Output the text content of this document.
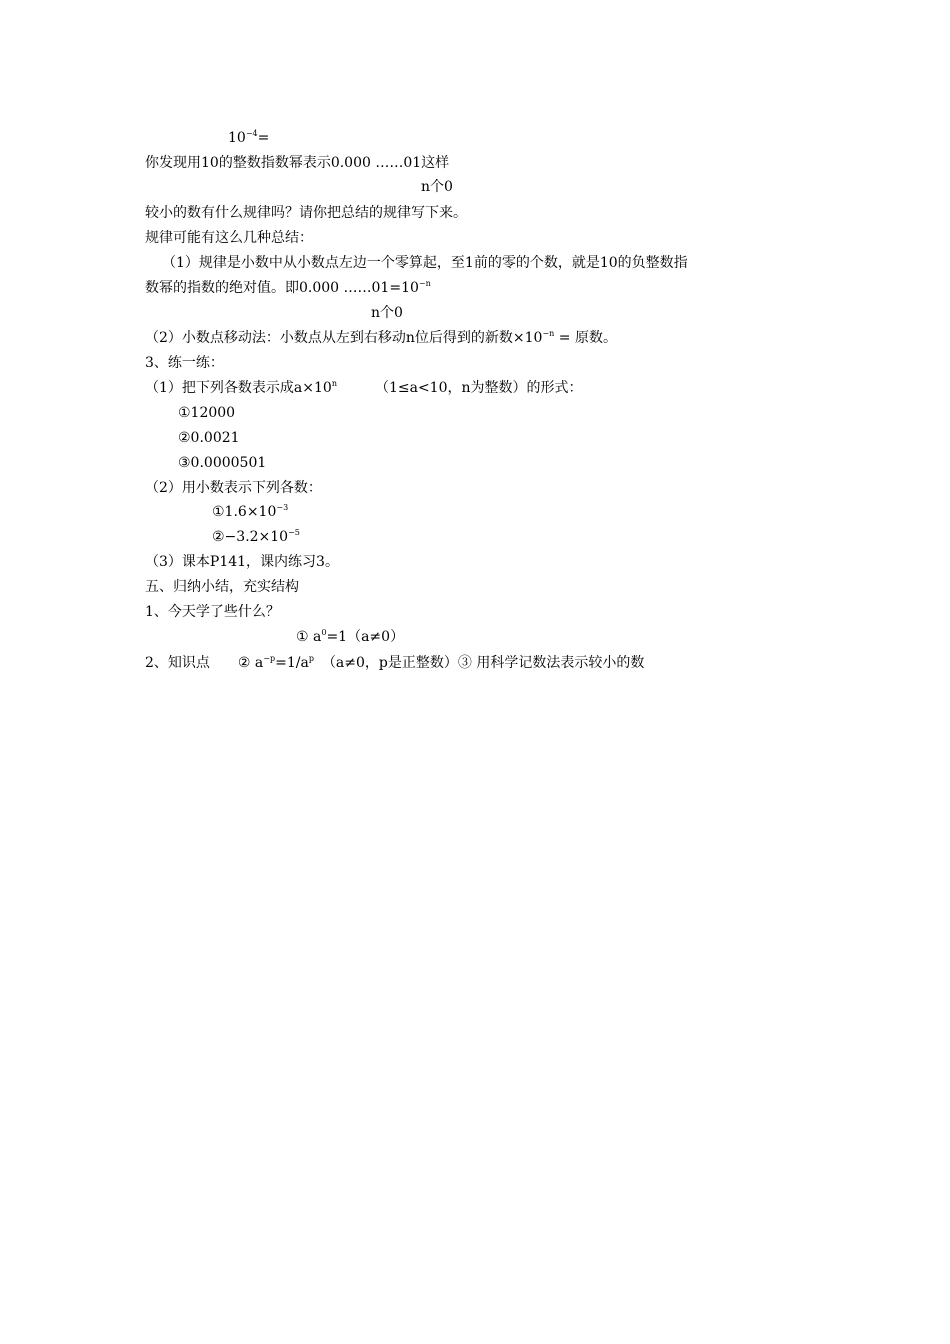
$10^{-4}=$
你发现用10的整数指数幂表示0.000 ……01这样
n个0
较小的数有什么规律吗？请你把总结的规律写下来。
规律可能有这么几种总结：
（1）规律是小数中从小数点左边一个零算起，至1前的零的个数，就是10的负整数指
数幂的指数的绝对值。即0.000 $\dots\dots 01=10^{-n}$
n个0
（2）小数点移动法：小数点从左到右移动n位后得到的新数$\times 10^{-n}$ = 原数。
3、练一练：
（1）把下列各数表示成$a\times 10^n$	（1≤a<10，n为整数）的形式：
①12000
②0.0021
③0.0000501
（2）用小数表示下列各数：
$①1.6\times 10^{-3}$
$②-3.2\times 10^{-5}$
（3）课本P141，课内练习3。
五、归纳小结，充实结构
1、今天学了些什么？
① $a^0=1(a\ne 0)$
2、知识点 ② $a^{-p}=1/a^p$ （a≠0，p是正整数）③ 用科学记数法表示较小的数
